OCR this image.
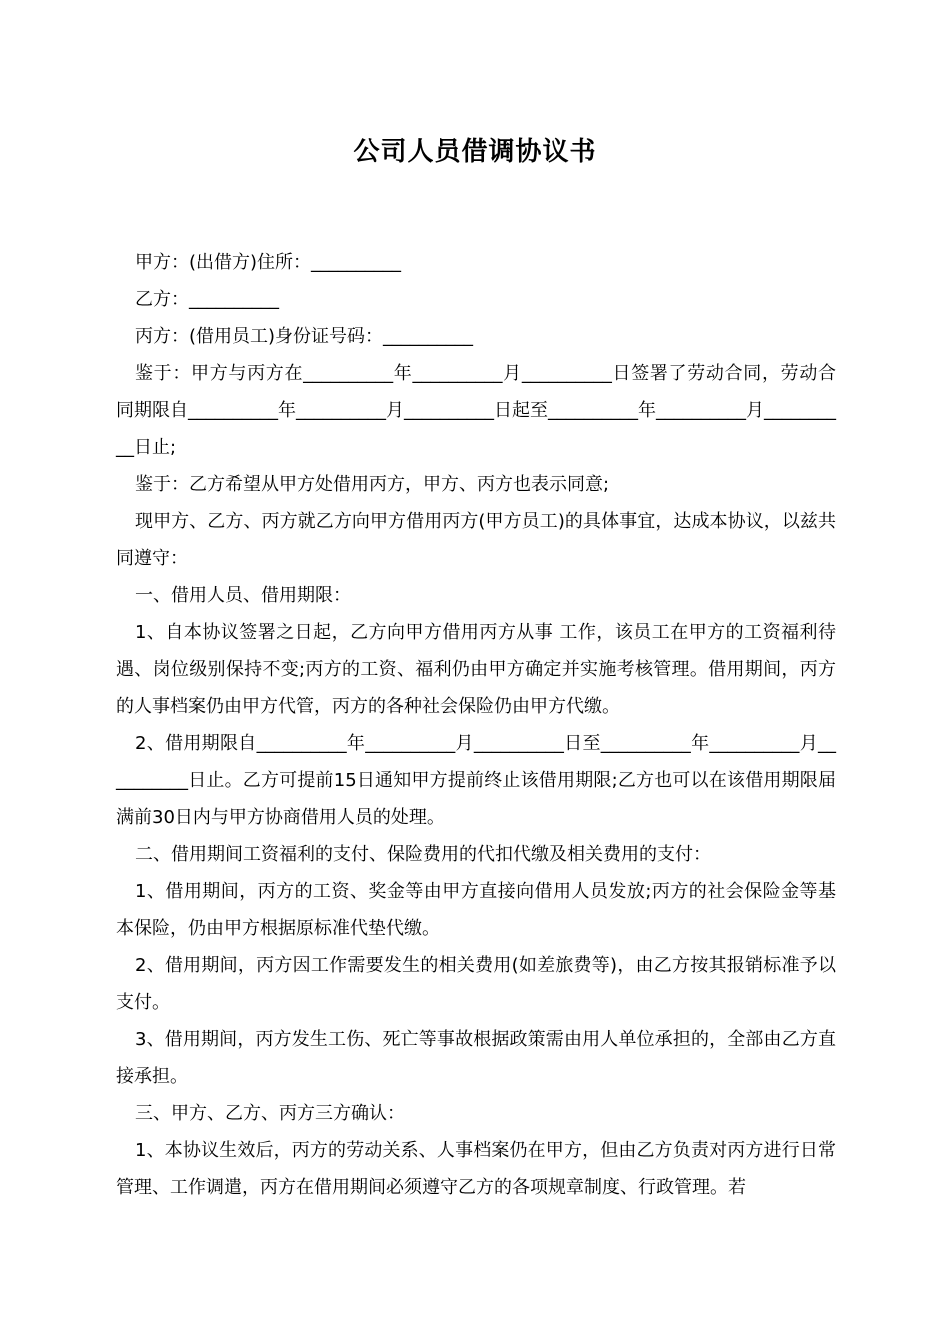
公司人员借调协议书

甲方：(出借方)住所：__________

乙方：__________

丙方：(借用员工)身份证号码：__________

鉴于：甲方与丙方在__________年__________月__________日签署了劳动合同，劳动合同期限自__________年__________月__________日起至__________年__________月__________日止;

鉴于：乙方希望从甲方处借用丙方，甲方、丙方也表示同意;

现甲方、乙方、丙方就乙方向甲方借用丙方(甲方员工)的具体事宜，达成本协议，以兹共同遵守：

一、借用人员、借用期限：

1、自本协议签署之日起，乙方向甲方借用丙方从事 工作，该员工在甲方的工资福利待遇、岗位级别保持不变;丙方的工资、福利仍由甲方确定并实施考核管理。借用期间，丙方的人事档案仍由甲方代管，丙方的各种社会保险仍由甲方代缴。

2、借用期限自__________年__________月__________日至__________年__________月__________日止。乙方可提前15日通知甲方提前终止该借用期限;乙方也可以在该借用期限届满前30日内与甲方协商借用人员的处理。

二、借用期间工资福利的支付、保险费用的代扣代缴及相关费用的支付：

1、借用期间，丙方的工资、奖金等由甲方直接向借用人员发放;丙方的社会保险金等基本保险，仍由甲方根据原标准代垫代缴。

2、借用期间，丙方因工作需要发生的相关费用(如差旅费等)，由乙方按其报销标准予以支付。

3、借用期间，丙方发生工伤、死亡等事故根据政策需由用人单位承担的，全部由乙方直接承担。

三、甲方、乙方、丙方三方确认：

1、本协议生效后，丙方的劳动关系、人事档案仍在甲方，但由乙方负责对丙方进行日常管理、工作调遣，丙方在借用期间必须遵守乙方的各项规章制度、行政管理。若
